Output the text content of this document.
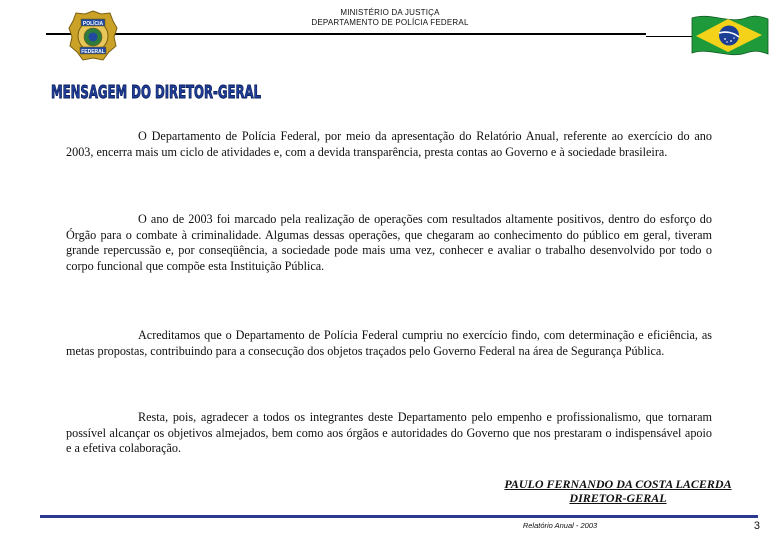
MINISTÉRIO DA JUSTIÇA
DEPARTAMENTO DE POLÍCIA FEDERAL
POLÍCIA
FEDERAL
MENSAGEM DO DIRETOR-GERAL
O Departamento de Polícia Federal, por meio da apresentação do Relatório Anual, referente ao exercício do ano 2003, encerra mais um ciclo de atividades e, com a devida transparência, presta contas ao Governo e à sociedade brasileira.
O ano de 2003 foi marcado pela realização de operações com resultados altamente positivos, dentro do esforço do Órgão para o combate à criminalidade. Algumas dessas operações, que chegaram ao conhecimento do público em geral, tiveram grande repercussão e, por conseqüência, a sociedade pode mais uma vez, conhecer e avaliar o trabalho desenvolvido por todo o corpo funcional que compõe esta Instituição Pública.
Acreditamos que o Departamento de Polícia Federal cumpriu no exercício findo, com determinação e eficiência, as metas propostas, contribuindo para a consecução dos objetos traçados pelo Governo Federal na área de Segurança Pública.
Resta, pois, agradecer a todos os integrantes deste Departamento pelo empenho e profissionalismo, que tornaram possível alcançar os objetivos almejados, bem como aos órgãos e autoridades do Governo que nos prestaram o indispensável apoio e a efetiva colaboração.
PAULO FERNANDO DA COSTA LACERDA
DIRETOR-GERAL
Relatório Anual - 2003	3
